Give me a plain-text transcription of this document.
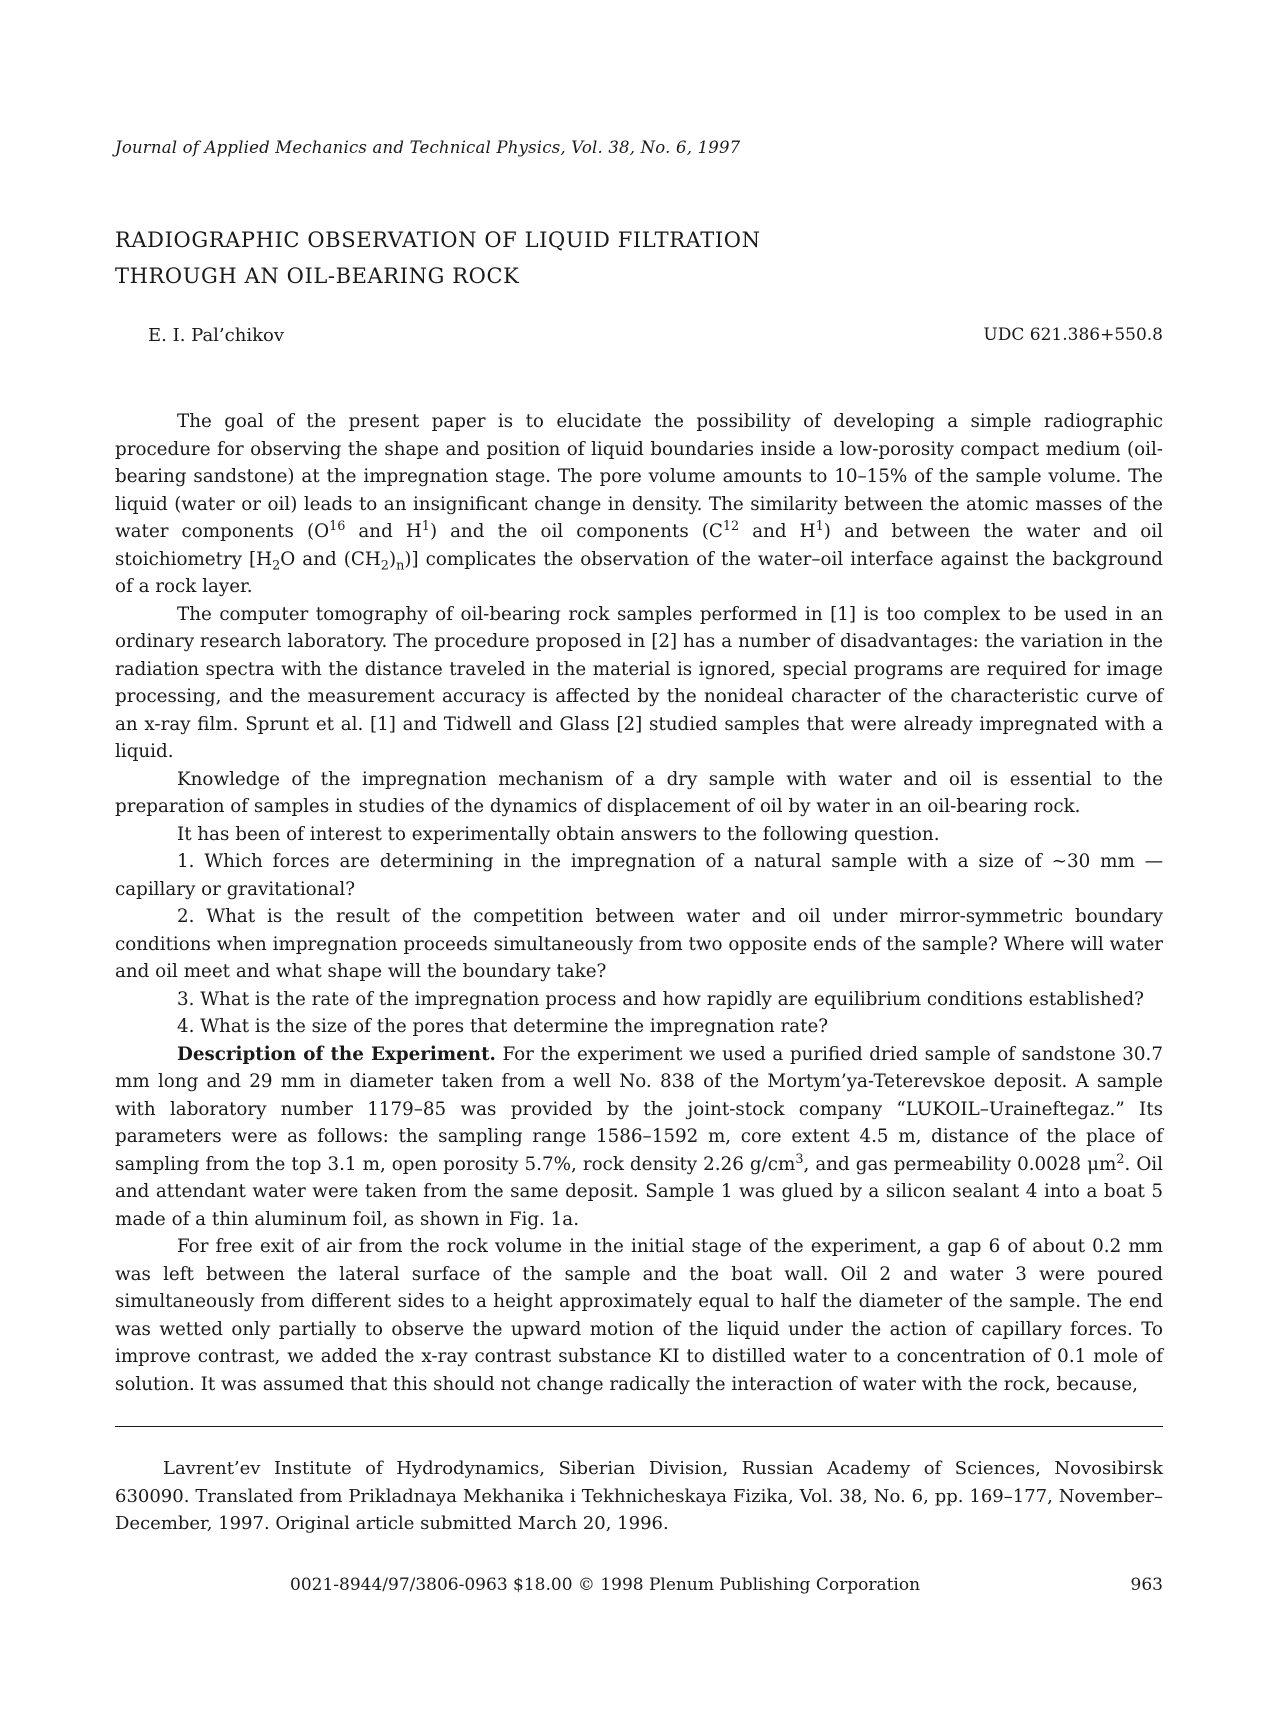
Journal of Applied Mechanics and Technical Physics, Vol. 38, No. 6, 1997
RADIOGRAPHIC OBSERVATION OF LIQUID FILTRATION
THROUGH AN OIL-BEARING ROCK
E. I. Pal’chikov	UDC 621.386+550.8

The goal of the present paper is to elucidate the possibility of developing a simple radiographic procedure for observing the shape and position of liquid boundaries inside a low-porosity compact medium (oil-bearing sandstone) at the impregnation stage. The pore volume amounts to 10–15% of the sample volume. The liquid (water or oil) leads to an insignificant change in density. The similarity between the atomic masses of the water components ($O^{16}$ and $H^1$) and the oil components ($C^{12}$ and $H^1$) and between the water and oil stoichiometry [$H_2O$ and $(CH_2)_n$)] complicates the observation of the water–oil interface against the background of a rock layer.

The computer tomography of oil-bearing rock samples performed in [1] is too complex to be used in an ordinary research laboratory. The procedure proposed in [2] has a number of disadvantages: the variation in the radiation spectra with the distance traveled in the material is ignored, special programs are required for image processing, and the measurement accuracy is affected by the nonideal character of the characteristic curve of an x-ray film. Sprunt et al. [1] and Tidwell and Glass [2] studied samples that were already impregnated with a liquid.

Knowledge of the impregnation mechanism of a dry sample with water and oil is essential to the preparation of samples in studies of the dynamics of displacement of oil by water in an oil-bearing rock.

It has been of interest to experimentally obtain answers to the following question.

1. Which forces are determining in the impregnation of a natural sample with a size of ∼30 mm — capillary or gravitational?

2. What is the result of the competition between water and oil under mirror-symmetric boundary conditions when impregnation proceeds simultaneously from two opposite ends of the sample? Where will water and oil meet and what shape will the boundary take?

3. What is the rate of the impregnation process and how rapidly are equilibrium conditions established?

4. What is the size of the pores that determine the impregnation rate?

Description of the Experiment. For the experiment we used a purified dried sample of sandstone 30.7 mm long and 29 mm in diameter taken from a well No. 838 of the Mortym’ya-Teterevskoe deposit. A sample with laboratory number 1179–85 was provided by the joint-stock company “LUKOIL–Uraineftegaz.” Its parameters were as follows: the sampling range 1586–1592 m, core extent 4.5 m, distance of the place of sampling from the top 3.1 m, open porosity 5.7%, rock density 2.26 $g/cm^3$, and gas permeability 0.0028 $\mu m^2$. Oil and attendant water were taken from the same deposit. Sample 1 was glued by a silicon sealant 4 into a boat 5 made of a thin aluminum foil, as shown in Fig. 1a.

For free exit of air from the rock volume in the initial stage of the experiment, a gap 6 of about 0.2 mm was left between the lateral surface of the sample and the boat wall. Oil 2 and water 3 were poured simultaneously from different sides to a height approximately equal to half the diameter of the sample. The end was wetted only partially to observe the upward motion of the liquid under the action of capillary forces. To improve contrast, we added the x-ray contrast substance KI to distilled water to a concentration of 0.1 mole of solution. It was assumed that this should not change radically the interaction of water with the rock, because,

Lavrent’ev Institute of Hydrodynamics, Siberian Division, Russian Academy of Sciences, Novosibirsk 630090. Translated from Prikladnaya Mekhanika i Tekhnicheskaya Fizika, Vol. 38, No. 6, pp. 169–177, November–December, 1997. Original article submitted March 20, 1996.
0021-8944/97/3806-0963 $18.00 © 1998 Plenum Publishing Corporation	963
